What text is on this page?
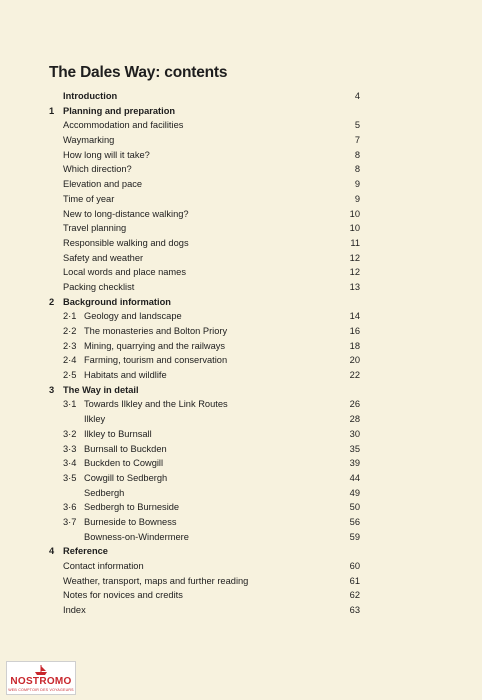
The Dales Way: contents
Introduction	4
1 Planning and preparation
Accommodation and facilities	5
Waymarking	7
How long will it take?	8
Which direction?	8
Elevation and pace	9
Time of year	9
New to long-distance walking?	10
Travel planning	10
Responsible walking and dogs	11
Safety and weather	12
Local words and place names	12
Packing checklist	13
2 Background information
2·1 Geology and landscape	14
2·2 The monasteries and Bolton Priory	16
2·3 Mining, quarrying and the railways	18
2·4 Farming, tourism and conservation	20
2·5 Habitats and wildlife	22
3 The Way in detail
3·1 Towards Ilkley and the Link Routes	26
Ilkley	28
3·2 Ilkley to Burnsall	30
3·3 Burnsall to Buckden	35
3·4 Buckden to Cowgill	39
3·5 Cowgill to Sedbergh	44
Sedbergh	49
3·6 Sedbergh to Burneside	50
3·7 Burneside to Bowness	56
Bowness-on-Windermere	59
4 Reference
Contact information	60
Weather, transport, maps and further reading	61
Notes for novices and credits	62
Index	63
NOSTROMO
WEB COMPTOIR DES VOYAGEURS
